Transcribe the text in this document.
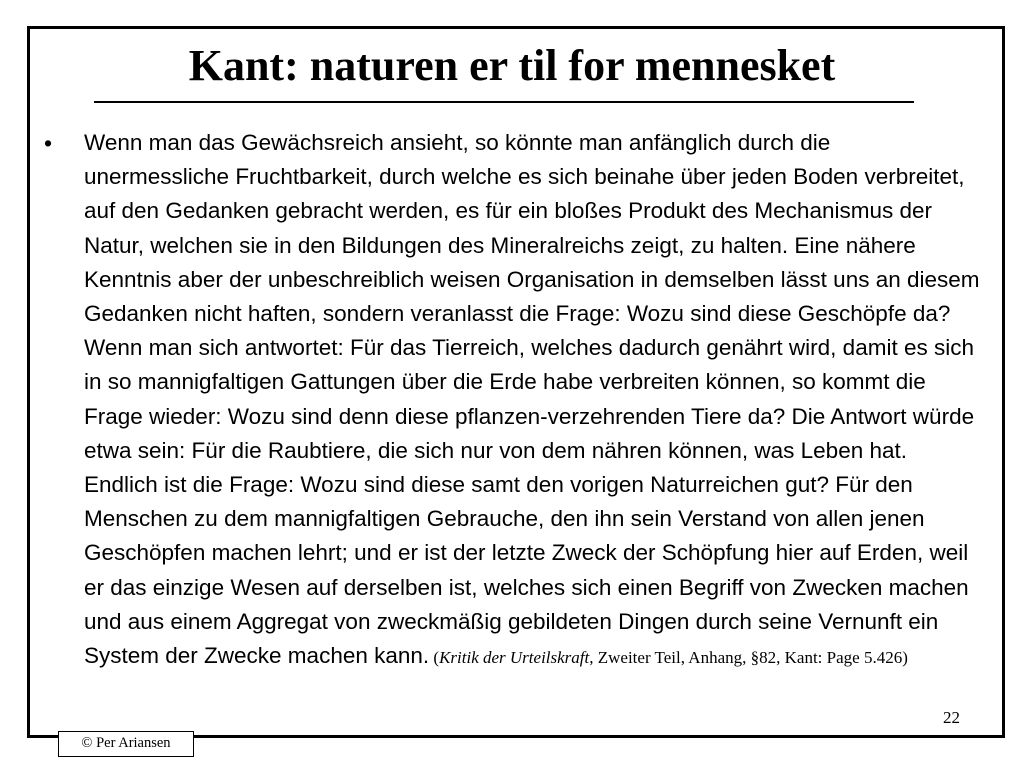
Kant: naturen er til for mennesket
•	Wenn man das Gewächsreich ansieht, so könnte man anfänglich durch die unermessliche Fruchtbarkeit, durch welche es sich beinahe über jeden Boden verbreitet, auf den Gedanken gebracht werden, es für ein bloßes Produkt des Mechanismus der Natur, welchen sie in den Bildungen des Mineralreichs zeigt, zu halten. Eine nähere Kenntnis aber der unbeschreiblich weisen Organisation in demselben lässt uns an diesem Gedanken nicht haften, sondern veranlasst die Frage: Wozu sind diese Geschöpfe da? Wenn man sich antwortet: Für das Tierreich, welches dadurch genährt wird, damit es sich in so mannigfaltigen Gattungen über die Erde habe verbreiten können, so kommt die Frage wieder: Wozu sind denn diese pflanzen-verzehrenden Tiere da? Die Antwort würde etwa sein: Für die Raubtiere, die sich nur von dem nähren können, was Leben hat. Endlich ist die Frage: Wozu sind diese samt den vorigen Naturreichen gut? Für den Menschen zu dem mannigfaltigen Gebrauche, den ihn sein Verstand von allen jenen Geschöpfen machen lehrt; und er ist der letzte Zweck der Schöpfung hier auf Erden, weil er das einzige Wesen auf derselben ist, welches sich einen Begriff von Zwecken machen und aus einem Aggregat von zweckmäßig gebildeten Dingen durch seine Vernunft ein System der Zwecke machen kann. (Kritik der Urteilskraft, Zweiter Teil, Anhang, §82, Kant: Page 5.426)
22
© Per Ariansen
